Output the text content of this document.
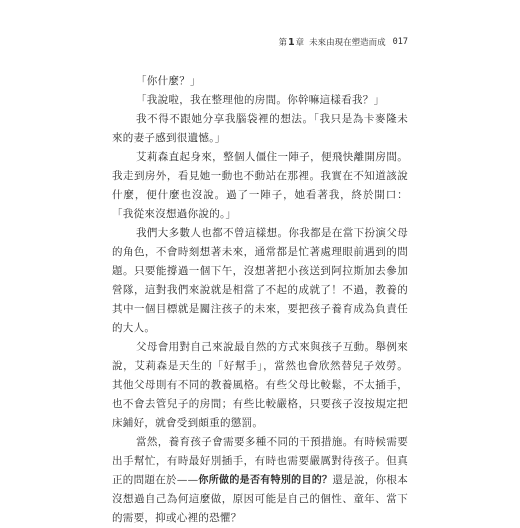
第 1 章 未來由現在塑造而成 017

「你什麼？」

「我說啦，我在整理他的房間。你幹嘛這樣看我？」

我不得不跟她分享我腦袋裡的想法。「我只是為卡麥隆未來的妻子感到很遺憾。」

艾莉森直起身來，整個人僵住一陣子，便飛快離開房間。我走到房外，看見她一動也不動站在那裡。我實在不知道該說什麼，便什麼也沒說。過了一陣子，她看著我，終於開口：「我從來沒想過你說的。」

我們大多數人也都不曾這樣想。你我都是在當下扮演父母的角色，不會時刻想著未來，通常都是忙著處理眼前遇到的問題。只要能撐過一個下午，沒想著把小孩送到阿拉斯加去參加營隊，這對我們來說就是相當了不起的成就了！不過，教養的其中一個目標就是關注孩子的未來，要把孩子養育成為負責任的大人。

父母會用對自己來說最自然的方式來與孩子互動。舉例來說，艾莉森是天生的「好幫手」，當然也會欣然替兒子效勞。其他父母則有不同的教養風格。有些父母比較鬆，不太插手，也不會去管兒子的房間；有些比較嚴格，只要孩子沒按規定把床鋪好，就會受到頗重的懲罰。

當然，養育孩子會需要多種不同的干預措施。有時候需要出手幫忙，有時最好別插手，有時也需要嚴厲對待孩子。但真正的問題在於——你所做的是否有特別的目的？還是說，你根本沒想過自己為何這麼做，原因可能是自己的個性、童年、當下的需要，抑或心裡的恐懼？
